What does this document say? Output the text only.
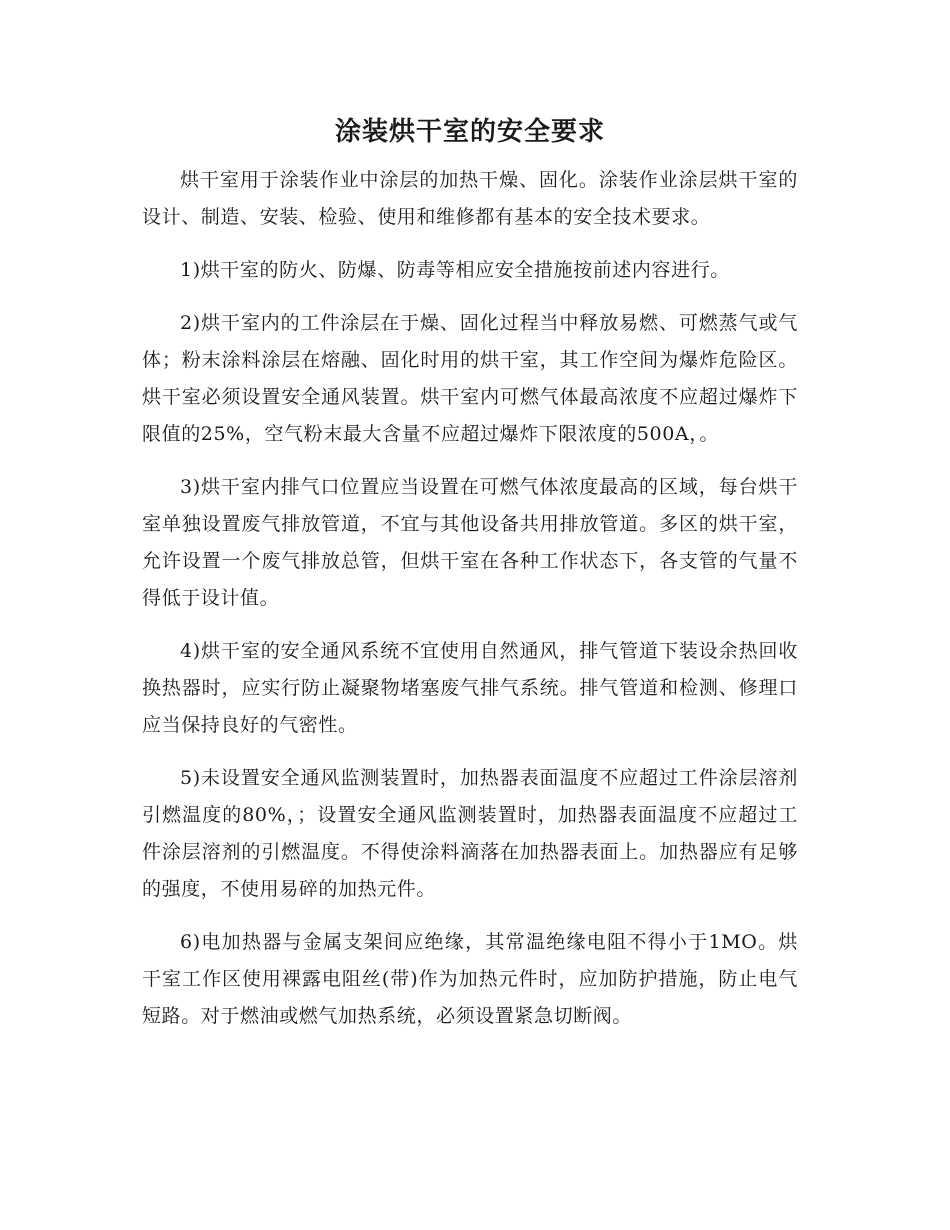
涂装烘干室的安全要求

烘干室用于涂装作业中涂层的加热干燥、固化。涂装作业涂层烘干室的设计、制造、安装、检验、使用和维修都有基本的安全技术要求。

1)烘干室的防火、防爆、防毒等相应安全措施按前述内容进行。

2)烘干室内的工件涂层在于燥、固化过程当中释放易燃、可燃蒸气或气体；粉末涂料涂层在熔融、固化时用的烘干室，其工作空间为爆炸危险区。烘干室必须设置安全通风装置。烘干室内可燃气体最高浓度不应超过爆炸下限值的25%，空气粉末最大含量不应超过爆炸下限浓度的500A，。

3)烘干室内排气口位置应当设置在可燃气体浓度最高的区域，每台烘干室单独设置废气排放管道，不宜与其他设备共用排放管道。多区的烘干室，允许设置一个废气排放总管，但烘干室在各种工作状态下，各支管的气量不得低于设计值。

4)烘干室的安全通风系统不宜使用自然通风，排气管道下装设余热回收换热器时，应实行防止凝聚物堵塞废气排气系统。排气管道和检测、修理口应当保持良好的气密性。

5)未设置安全通风监测装置时，加热器表面温度不应超过工件涂层溶剂引燃温度的80%，；设置安全通风监测装置时，加热器表面温度不应超过工件涂层溶剂的引燃温度。不得使涂料滴落在加热器表面上。加热器应有足够的强度，不使用易碎的加热元件。

6)电加热器与金属支架间应绝缘，其常温绝缘电阻不得小于1MO。烘干室工作区使用裸露电阻丝(带)作为加热元件时，应加防护措施，防止电气短路。对于燃油或燃气加热系统，必须设置紧急切断阀。
